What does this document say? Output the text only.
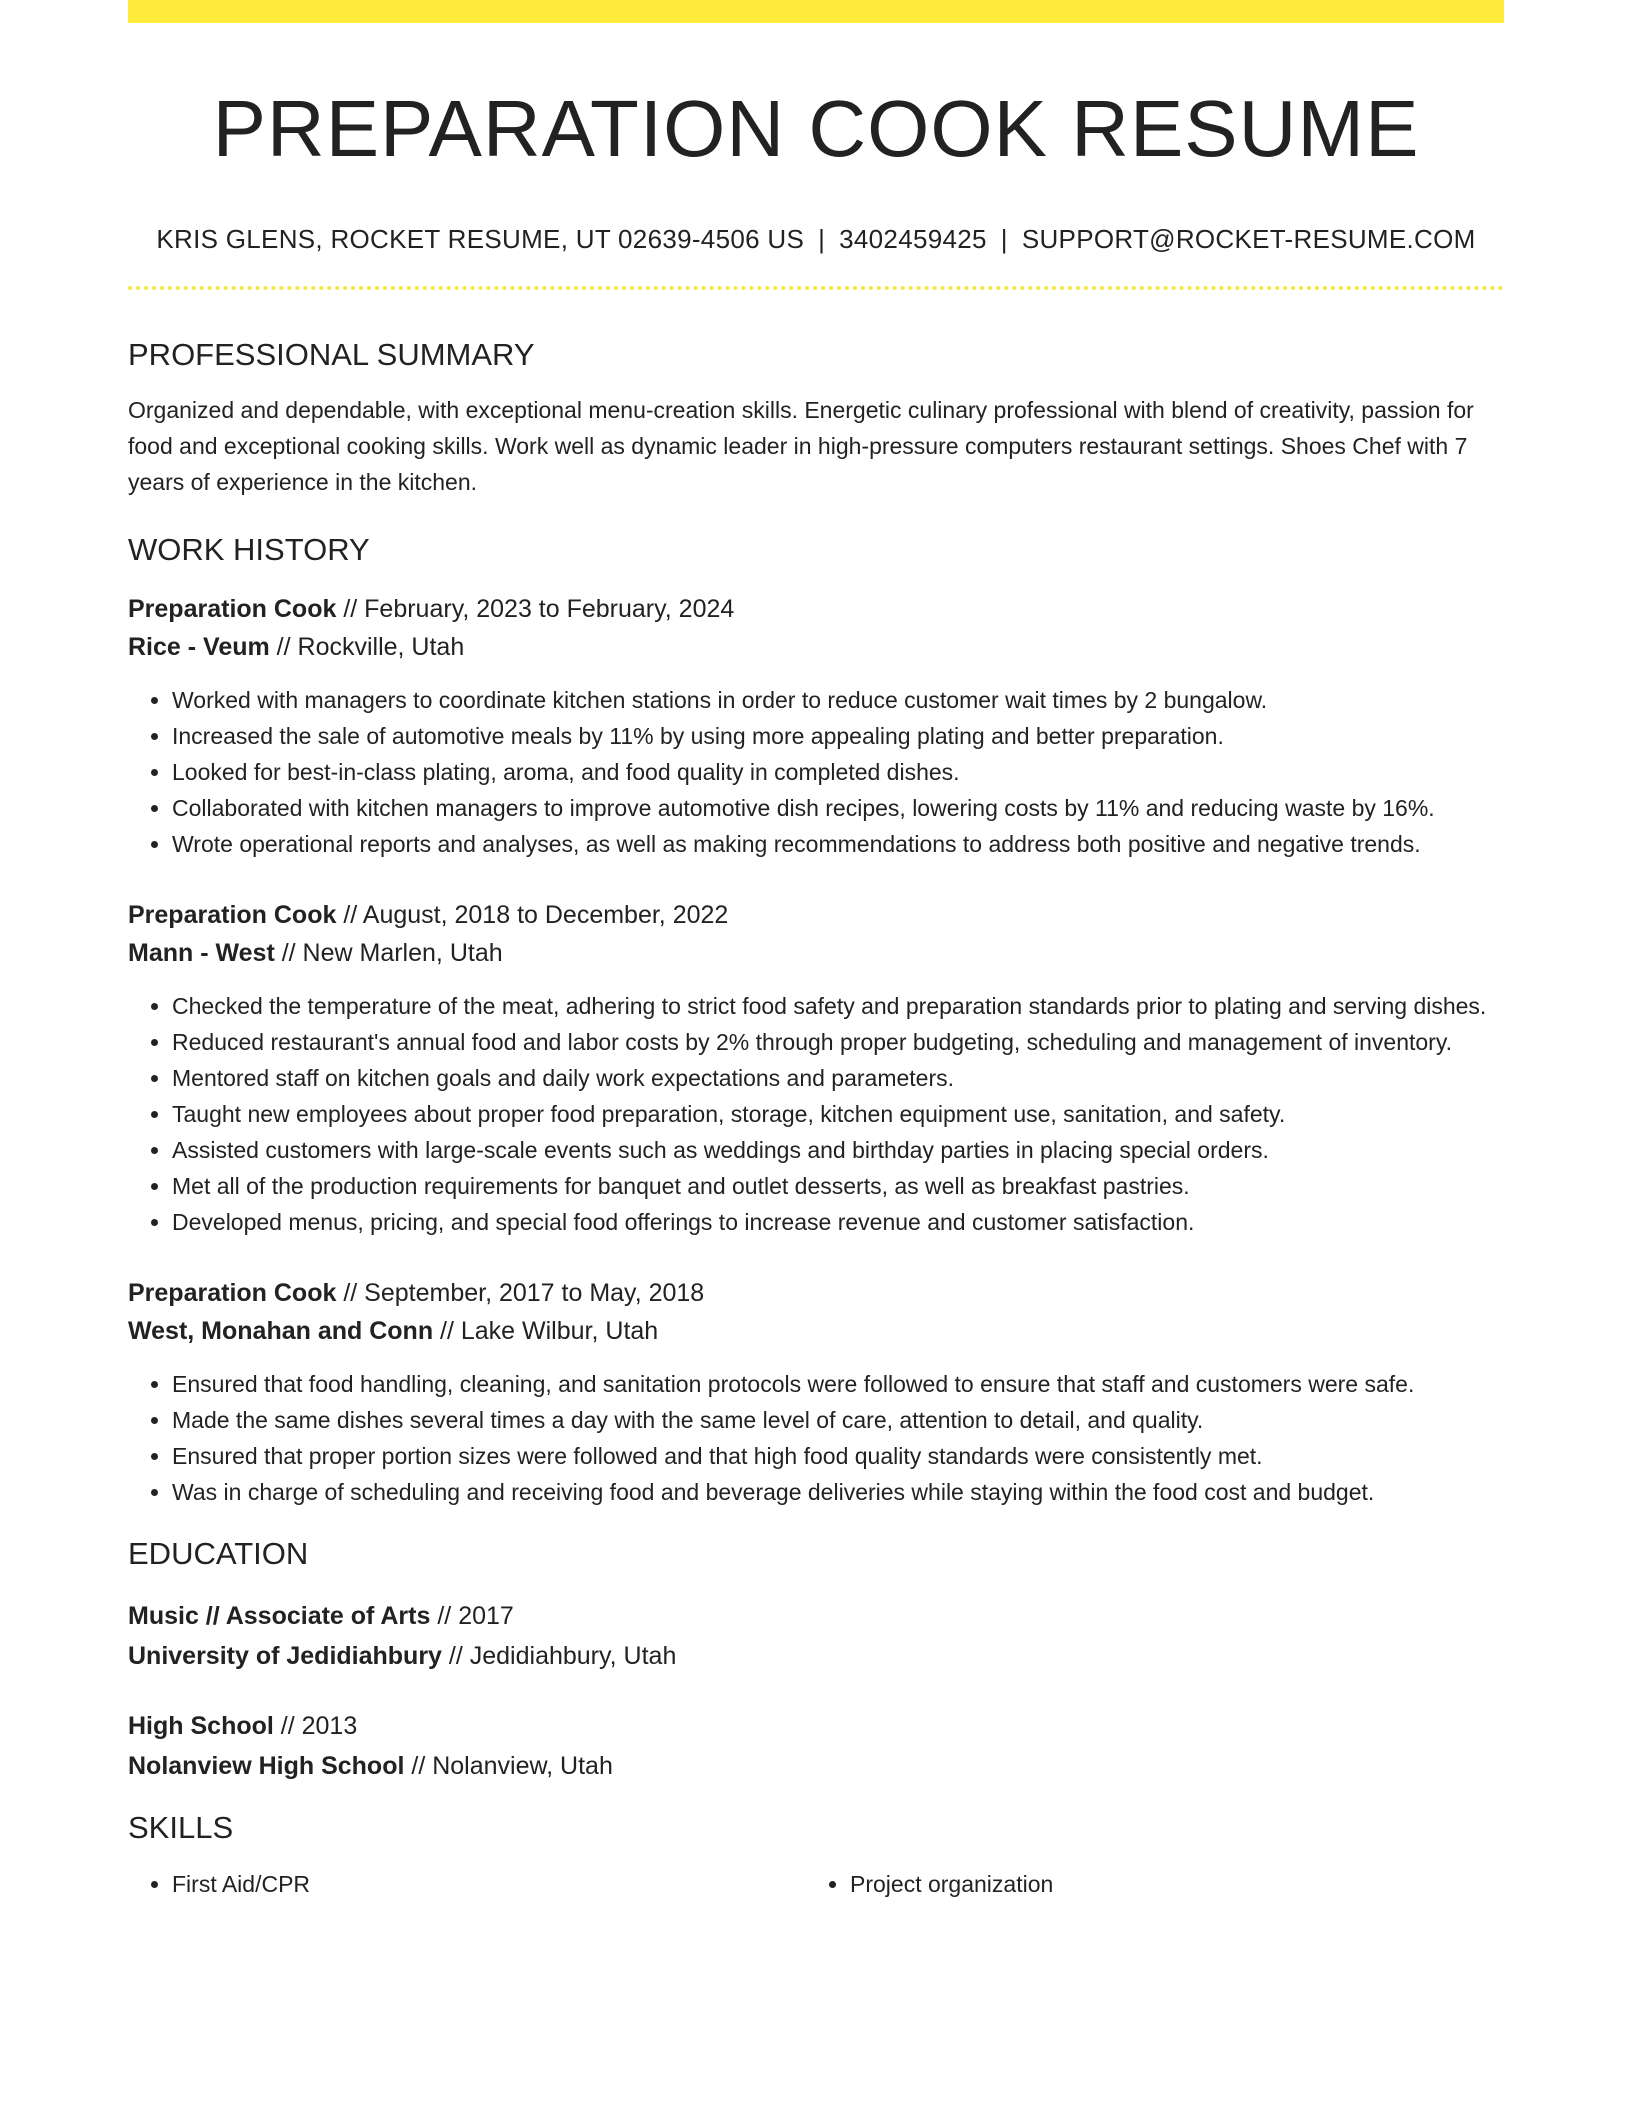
PREPARATION COOK RESUME
KRIS GLENS, ROCKET RESUME, UT 02639-4506 US | 3402459425 | SUPPORT@ROCKET-RESUME.COM
PROFESSIONAL SUMMARY
Organized and dependable, with exceptional menu-creation skills. Energetic culinary professional with blend of creativity, passion for food and exceptional cooking skills. Work well as dynamic leader in high-pressure computers restaurant settings. Shoes Chef with 7 years of experience in the kitchen.
WORK HISTORY
Preparation Cook // February, 2023 to February, 2024
Rice - Veum // Rockville, Utah
• Worked with managers to coordinate kitchen stations in order to reduce customer wait times by 2 bungalow.
• Increased the sale of automotive meals by 11% by using more appealing plating and better preparation.
• Looked for best-in-class plating, aroma, and food quality in completed dishes.
• Collaborated with kitchen managers to improve automotive dish recipes, lowering costs by 11% and reducing waste by 16%.
• Wrote operational reports and analyses, as well as making recommendations to address both positive and negative trends.
Preparation Cook // August, 2018 to December, 2022
Mann - West // New Marlen, Utah
• Checked the temperature of the meat, adhering to strict food safety and preparation standards prior to plating and serving dishes.
• Reduced restaurant's annual food and labor costs by 2% through proper budgeting, scheduling and management of inventory.
• Mentored staff on kitchen goals and daily work expectations and parameters.
• Taught new employees about proper food preparation, storage, kitchen equipment use, sanitation, and safety.
• Assisted customers with large-scale events such as weddings and birthday parties in placing special orders.
• Met all of the production requirements for banquet and outlet desserts, as well as breakfast pastries.
• Developed menus, pricing, and special food offerings to increase revenue and customer satisfaction.
Preparation Cook // September, 2017 to May, 2018
West, Monahan and Conn // Lake Wilbur, Utah
• Ensured that food handling, cleaning, and sanitation protocols were followed to ensure that staff and customers were safe.
• Made the same dishes several times a day with the same level of care, attention to detail, and quality.
• Ensured that proper portion sizes were followed and that high food quality standards were consistently met.
• Was in charge of scheduling and receiving food and beverage deliveries while staying within the food cost and budget.
EDUCATION
Music // Associate of Arts // 2017
University of Jedidiahbury // Jedidiahbury, Utah
High School // 2013
Nolanview High School // Nolanview, Utah
SKILLS
• First Aid/CPR
•	Project organization
